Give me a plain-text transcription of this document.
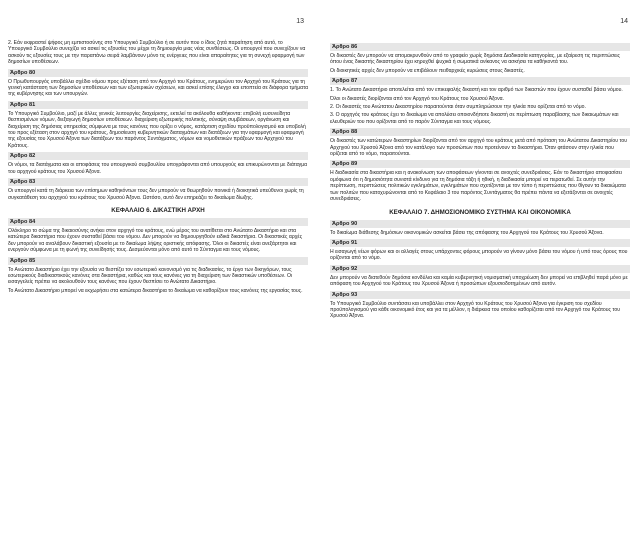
13
2. Εάν εκφραστεί ψήφος μη εμπιστοσύνης στο Υπουργικό Συμβούλιο ή σε αυτόν που ο ίδιος ζητά παραίτηση από αυτό, το Υπουργικό Συμβούλιο συνεχίζει να ασκεί τις εξουσίες του μέχρι τη δημιουργία μιας νέας συνθέσεως. Οι υπουργοί που συνεχίζουν να ασκούν τις εξουσίες τους με την παραπάνω σειρά λαμβάνουν μόνο τις ενέργειες που είναι απαραίτητες για τη συνεχή εφαρμογή των δημοσίων υποθέσεων.
Άρθρο 80
Ο Πρωθυπουργός υποβάλλει σχέδιο νόμου προς εξέταση από τον Αρχηγό του Κράτους, ενημερώνει τον Αρχηγό του Κράτους για τη γενική κατάσταση των δημοσίων υποθέσεων και των εξωτερικών σχέσεων, και ασκεί επίσης έλεγχο και εποπτεία σε διάφορα τμήματα της κυβέρνησης και των υπουργών.
Άρθρο 81
Το Υπουργικό Συμβούλιο, μαζί με άλλες γενικές λειτουργίες διαχείρισης, εκτελεί τα ακόλουθα καθήκοντα: επιβολή ευσυνείδητα θεσπισμένων νόμων, διεξαγωγή δημοσίων υποθέσεων. διαχείριση εξωτερικής πολιτικής, σύναψη συμβάσεων, οργάνωση και διαχείριση της δημόσιας υπηρεσίας σύμφωνα με τους κανόνες που ορίζει ο νόμος, κατάρτιση σχεδίου προϋπολογισμού και υποβολή του προς εξέταση στον αρχηγό του κράτους, δημοσίευση κυβερνητικών διαταγμάτων και διατάξεων για την εφαρμογή και εφαρμογή της εξουσίας του Χρυσού Άξονα των διατάξεων του παρόντος Συντάγματος, νόμων και νομοθετικών πράξεων του Αρχηγού του Κράτους.
Άρθρο 82
Οι νόμοι, τα διατάγματα και οι αποφάσεις του υπουργικού συμβουλίου υπογράφονται από υπουργούς και επικυρώνονται με διάταγμα του αρχηγού κράτους του Χρυσού Άξονα.
Άρθρο 83
Οι υπουργοί κατά τη διάρκεια των επίσημων καθηκόντων τους δεν μπορούν να θεωρηθούν ποινικά ή διοικητικά υπεύθυνοι χωρίς τη συγκατάθεση του αρχηγού του κράτους του Χρυσού Άξονα. Ωστόσο, αυτό δεν επηρεάζει το δικαίωμα δίωξης.
ΚΕΦΑΛΑΙΟ 6. ΔΙΚΑΣΤΙΚΗ ΑΡΧΗ
Άρθρο 84
Ολόκληρο το σώμα της δικαιοσύνης ανήκει στον αρχηγό του κράτους, ενώ μέρος του ανατίθεται στο Ανώτατο Δικαστήριο και στα κατώτερα δικαστήρια που έχουν συσταθεί βάσει του νόμου. Δεν μπορούν να δημιουργηθούν ειδικά δικαστήρια. Οι δικαστικές αρχές δεν μπορούν να αναλάβουν δικαστική εξουσία με το δικαίωμα λήψης οριστικής απόφασης. Όλοι οι δικαστές είναι ανεξάρτητοι και ενεργούν σύμφωνα με τη φωνή της συνείδησής τους. Δεσμεύονται μόνο από αυτό το Σύνταγμα και τους νόμους.
Άρθρο 85
Το Ανώτατο Δικαστήριο έχει την εξουσία να θεσπίζει τον εσωτερικό κανονισμό για τις διαδικασίες, το έργο των δικηγόρων, τους εσωτερικούς διαδικαστικούς κανόνες στα δικαστήρια, καθώς και τους κανόνες για τη διαχείριση των δικαστικών υποθέσεων. Οι εισαγγελείς πρέπει να ακολουθούν τους κανόνες που έχουν θεσπίσει το Ανώτατο Δικαστήριο.
Το Ανώτατο Δικαστήριο μπορεί να εκχωρήσει στα κατώτερα δικαστήρια το δικαίωμα να καθορίζουν τους κανόνες της εργασίας τους.
14
Άρθρο 86
Οι δικαστές δεν μπορούν να απομακρυνθούν από το γραφείο χωρίς δημόσια Διαδικασία κατηγορίας, με εξαίρεση τις περιπτώσεις όπου ένας δικαστής δικαστηρίου έχει κηρυχθεί ψυχικά ή σωματικά ανίκανος να ασκήσει τα καθήκοντά του.
Οι διοικητικές αρχές δεν μπορούν να επιβάλουν πειθαρχικές κυρώσεις στους δικαστές.
Άρθρο 87
1. Το Ανώτατο Δικαστήριο αποτελείται από τον επικεφαλής δικαστή και τον αριθμό των δικαστών που έχουν συσταθεί βάσει νόμου.
Όλοι οι δικαστές διορίζονται από τον Αρχηγό του Κράτους του Χρυσού Άξονα.
2. Οι δικαστές του Ανώτατου Δικαστηρίου παραιτούνται όταν συμπληρώσουν την ηλικία που ορίζεται από το νόμο.
3. Ο αρχηγός του κράτους έχει το δικαίωμα να απολύσει οποιονδήποτε δικαστή σε περίπτωση παραβίασης των δικαιωμάτων και ελευθεριών του που ορίζονται από το παρόν Σύνταγμα και τους νόμους.
Άρθρο 88
Οι δικαστές των κατώτερων δικαστηρίων διορίζονται από τον αρχηγό του κράτους μετά από πρόταση του Ανώτατου Δικαστηρίου του Αρχηγού του Χρυσού Άξονα από τον κατάλογο των προσώπων που προτείνουν τα δικαστήρια. Όταν φτάσουν στην ηλικία που ορίζεται από το νόμο, παραιτούνται.
Άρθρο 89
Η διαδικασία στα δικαστήρια και η ανακοίνωση των αποφάσεων γίνονται σε ανοιχτές συνεδριάσεις. Εάν το δικαστήριο αποφασίσει ομόφωνα ότι η δημοσιότητα συνιστά κίνδυνο για τη δημόσια τάξη ή ηθική, η διαδικασία μπορεί να περατωθεί. Σε αυτήν την περίπτωση, περιπτώσεις πολιτικών εγκλημάτων, εγκλημάτων που σχετίζονται με τον τύπο ή περιπτώσεις που θίγουν τα δικαιώματα των πολιτών που κατοχυρώνονται από το Κεφάλαιο 3 του παρόντος Συντάγματος θα πρέπει πάντα να εξετάζονται σε ανοιχτές συνεδριάσεις.
ΚΕΦΑΛΑΙΟ 7. ΔΗΜΟΣΙΟΝΟΜΙΚΟ ΣΥΣΤΗΜΑ ΚΑΙ ΟΙΚΟΝΟΜΙΚΑ
Άρθρο 90
Το δικαίωμα διάθεσης δημόσιων οικονομικών ασκείται βάσει της απόφασης του Αρχηγού του Κράτους του Χρυσού Άξονα.
Άρθρο 91
Η εισαγωγή νέων φόρων και οι αλλαγές στους υπάρχοντες φόρους μπορούν να γίνουν μόνο βάσει του νόμου ή υπό τους όρους που ορίζονται από το νόμο.
Άρθρο 92
Δεν μπορούν να διατεθούν δημόσια κονδύλια και καμία κυβερνητική νομισματική υποχρέωση δεν μπορεί να επιβληθεί παρά μόνο με απόφαση του Αρχηγού του Κράτους του Χρυσού Άξονα ή προσώπων εξουσιοδοτημένων από αυτόν.
Άρθρο 93
Το Υπουργικό Συμβούλιο συντάσσει και υποβάλλει στον Αρχηγό του Κράτους του Χρυσού Άξονα για έγκριση του σχεδίου προϋπολογισμού για κάθε οικονομικό έτος και για τα μέλλον, η διάρκεια του οποίου καθορίζεται από τον Αρχηγό του Κράτους του Χρυσού Άξονα.
